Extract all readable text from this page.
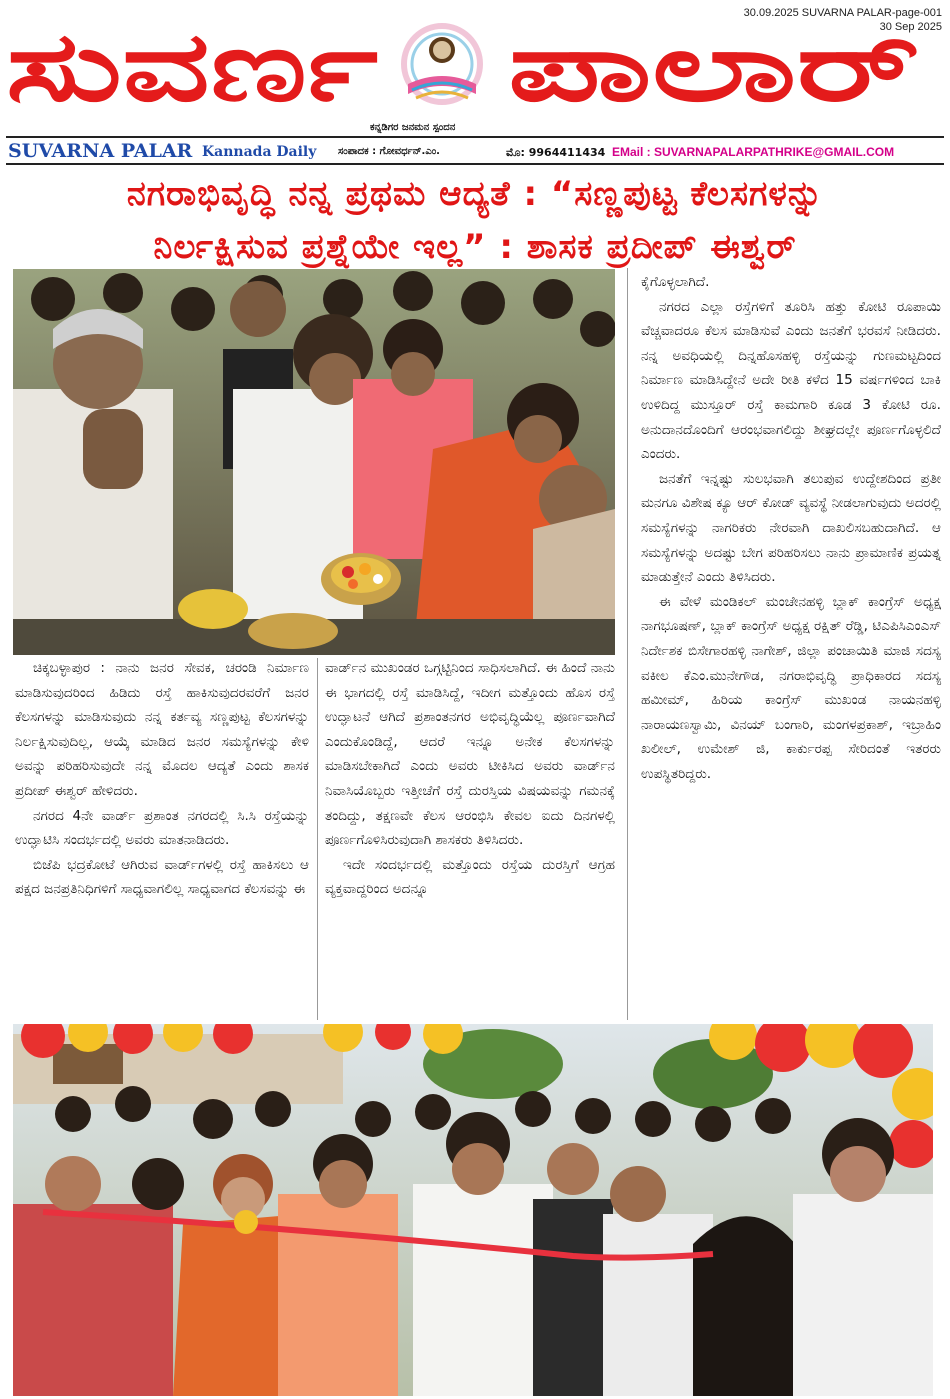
ಸುವರ್ಣ ಪಾಲಾರ್
30.09.2025 SUVARNA PALAR-page-001
30 Sep 2025
ಕನ್ನಡಿಗರ ಜನಮನ ಸ್ಪಂದನ
SUVARNA PALAR Kannada Daily ಸಂಪಾದಕ : ಗೋವರ್ಧನ್.ಎಂ.	ಮೊ: 9964411434 EMail : SUVARNAPALARPATHRIKE@GMAIL.COM
ನಗರಾಭಿವೃದ್ಧಿ ನನ್ನ ಪ್ರಥಮ ಆದ್ಯತೆ : “ಸಣ್ಣಪುಟ್ಟ ಕೆಲಸಗಳನ್ನು
ನಿರ್ಲಕ್ಷಿಸುವ ಪ್ರಶ್ನೆಯೇ ಇಲ್ಲ” : ಶಾಸಕ ಪ್ರದೀಪ್ ಈಶ್ವರ್

ಕೈಗೊಳ್ಳಲಾಗಿದೆ.

ನಗರದ ಎಲ್ಲಾ ರಸ್ತೆಗಳಿಗೆ ತೂರಿಸಿ ಹತ್ತು ಕೋಟಿ ರೂಪಾಯಿ ವೆಚ್ಚವಾದರೂ ಕೆಲಸ ಮಾಡಿಸುವೆ ಎಂದು ಜನತೆಗೆ ಭರವಸೆ ನೀಡಿದರು. ನನ್ನ ಅವಧಿಯಲ್ಲಿ ದಿನ್ನಹೊಸಹಳ್ಳಿ ರಸ್ತೆಯನ್ನು ಗುಣಮಟ್ಟದಿಂದ ನಿರ್ಮಾಣ ಮಾಡಿಸಿದ್ದೇನೆ ಅದೇ ರೀತಿ ಕಳೆದ 15 ವರ್ಷಗಳಿಂದ ಬಾಕಿ ಉಳಿದಿದ್ದ ಮುಸ್ತೂರ್ ರಸ್ತೆ ಕಾಮಗಾರಿ ಕೂಡ 3 ಕೋಟಿ ರೂ. ಅನುದಾನದೊಂದಿಗೆ ಆರಂಭವಾಗಲಿದ್ದು ಶೀಘ್ರದಲ್ಲೇ ಪೂರ್ಣಗೊಳ್ಳಲಿದೆ ಎಂದರು.

ಜನತೆಗೆ ಇನ್ನಷ್ಟು ಸುಲಭವಾಗಿ ತಲುಪುವ ಉದ್ದೇಶದಿಂದ ಪ್ರತೀ ಮನಗೂ ವಿಶೇಷ ಕ್ಯೂ ಆರ್ ಕೋಡ್ ವ್ಯವಸ್ಥೆ ನೀಡಲಾಗುವುದು ಅದರಲ್ಲಿ ಸಮಸ್ಯೆಗಳನ್ನು ನಾಗರಿಕರು ನೇರವಾಗಿ ದಾಖಲಿಸಬಹುದಾಗಿದೆ. ಆ ಸಮಸ್ಯೆಗಳನ್ನು ಅದಷ್ಟು ಬೇಗ ಪರಿಹರಿಸಲು ನಾನು ಪ್ರಾಮಾಣಿಕ ಪ್ರಯತ್ನ ಮಾಡುತ್ತೇನೆ ಎಂದು ತಿಳಿಸಿದರು.

ಈ ವೇಳೆ ಮಂಡಿಕಲ್ ಮಂಚೇನಹಳ್ಳಿ ಬ್ಲಾಕ್ ಕಾಂಗ್ರೆಸ್ ಅಧ್ಯಕ್ಷ ನಾಗಭೂಷಣ್, ಬ್ಲಾಕ್ ಕಾಂಗ್ರೆಸ್ ಅಧ್ಯಕ್ಷ ರಕ್ಷಿತ್ ರೆಡ್ಡಿ, ಟಿಎಪಿಸಿಎಂಎಸ್ ನಿರ್ದೇಶಕ ಬಿಸೇಗಾರಹಳ್ಳಿ ನಾಗೇಶ್, ಜಿಲ್ಲಾ ಪಂಚಾಯಿತಿ ಮಾಜಿ ಸದಸ್ಯ ವಕೀಲ ಕೆಎಂ.ಮುನೇಗೌಡ, ನಗರಾಭಿವೃದ್ಧಿ ಪ್ರಾಧಿಕಾರದ ಸದಸ್ಯ ಹಮೀಮ್, ಹಿರಿಯ ಕಾಂಗ್ರೆಸ್ ಮುಖಂಡ ನಾಯನಹಳ್ಳಿ ನಾರಾಯಣಸ್ವಾಮಿ, ವಿನಯ್ ಬಂಗಾರಿ, ಮಂಗಳಪ್ರಕಾಶ್, ಇಬ್ರಾಹಿಂ ಖಲೀಲ್, ಉಮೇಶ್ ಜಿ, ಕಾರ್ಕುರಪ್ಪ ಸೇರಿದಂತೆ ಇತರರು ಉಪಸ್ಥಿತರಿದ್ದರು.

ಚಿಕ್ಕಬಳ್ಳಾಪುರ : ನಾನು ಜನರ ಸೇವಕ, ಚರಂಡಿ ನಿರ್ಮಾಣ ಮಾಡಿಸುವುದರಿಂದ ಹಿಡಿದು ರಸ್ತೆ ಹಾಕಿಸುವುದರವರೆಗೆ ಜನರ ಕೆಲಸಗಳನ್ನು ಮಾಡಿಸುವುದು ನನ್ನ ಕರ್ತವ್ಯ ಸಣ್ಣಪುಟ್ಟ ಕೆಲಸಗಳನ್ನು ನಿರ್ಲಕ್ಷಿಸುವುದಿಲ್ಲ, ಆಯ್ಕೆ ಮಾಡಿದ ಜನರ ಸಮಸ್ಯೆಗಳನ್ನು ಕೇಳಿ ಅವನ್ನು ಪರಿಹರಿಸುವುದೇ ನನ್ನ ಮೊದಲ ಆದ್ಯತೆ ಎಂದು ಶಾಸಕ ಪ್ರದೀಪ್ ಈಶ್ವರ್ ಹೇಳಿದರು.

ನಗರದ 4ನೇ ವಾರ್ಡ್ ಪ್ರಶಾಂತ ನಗರದಲ್ಲಿ ಸಿ.ಸಿ ರಸ್ತೆಯನ್ನು ಉದ್ಘಾಟಿಸಿ ಸಂದರ್ಭದಲ್ಲಿ ಅವರು ಮಾತನಾಡಿದರು.

ಬಿಜೆಪಿ ಭದ್ರಕೋಟೆ ಆಗಿರುವ ವಾರ್ಡ್‌ಗಳಲ್ಲಿ ರಸ್ತೆ ಹಾಕಿಸಲು ಆ ಪಕ್ಷದ ಜನಪ್ರತಿನಿಧಿಗಳಿಗೆ ಸಾಧ್ಯವಾಗಲಿಲ್ಲ ಸಾಧ್ಯವಾಗದ ಕೆಲಸವನ್ನು ಈ

ವಾರ್ಡ್‌ನ ಮುಖಂಡರ ಒಗ್ಗಟ್ಟಿನಿಂದ ಸಾಧಿಸಲಾಗಿದೆ. ಈ ಹಿಂದೆ ನಾನು ಈ ಭಾಗದಲ್ಲಿ ರಸ್ತೆ ಮಾಡಿಸಿದ್ದೆ, ಇದೀಗ ಮತ್ತೊಂದು ಹೊಸ ರಸ್ತೆ ಉದ್ಘಾಟನೆ ಆಗಿದೆ ಪ್ರಶಾಂತನಗರ ಅಭಿವೃದ್ಧಿಯೆಲ್ಲ ಪೂರ್ಣವಾಗಿದೆ ಎಂದುಕೊಂಡಿದ್ದೆ, ಆದರೆ ಇನ್ನೂ ಅನೇಕ ಕೆಲಸಗಳನ್ನು ಮಾಡಿಸಬೇಕಾಗಿದೆ ಎಂದು ಅವರು ಟೀಕಿಸಿದ ಅವರು ವಾರ್ಡ್‌ನ ನಿವಾಸಿಯೊಬ್ಬರು ಇತ್ತೀಚೆಗೆ ರಸ್ತೆ ದುರಸ್ತಿಯ ವಿಷಯವನ್ನು ಗಮನಕ್ಕೆ ತಂದಿದ್ದು, ತಕ್ಷಣವೇ ಕೆಲಸ ಆರಂಭಿಸಿ ಕೇವಲ ಐದು ದಿನಗಳಲ್ಲಿ ಪೂರ್ಣಗೊಳಿಸಿರುವುದಾಗಿ ಶಾಸಕರು ತಿಳಿಸಿದರು.

ಇದೇ ಸಂದರ್ಭದಲ್ಲಿ ಮತ್ತೊಂದು ರಸ್ತೆಯ ದುರಸ್ತಿಗೆ ಆಗ್ರಹ ವ್ಯಕ್ತವಾದ್ದರಿಂದ ಅದನ್ನೂ
